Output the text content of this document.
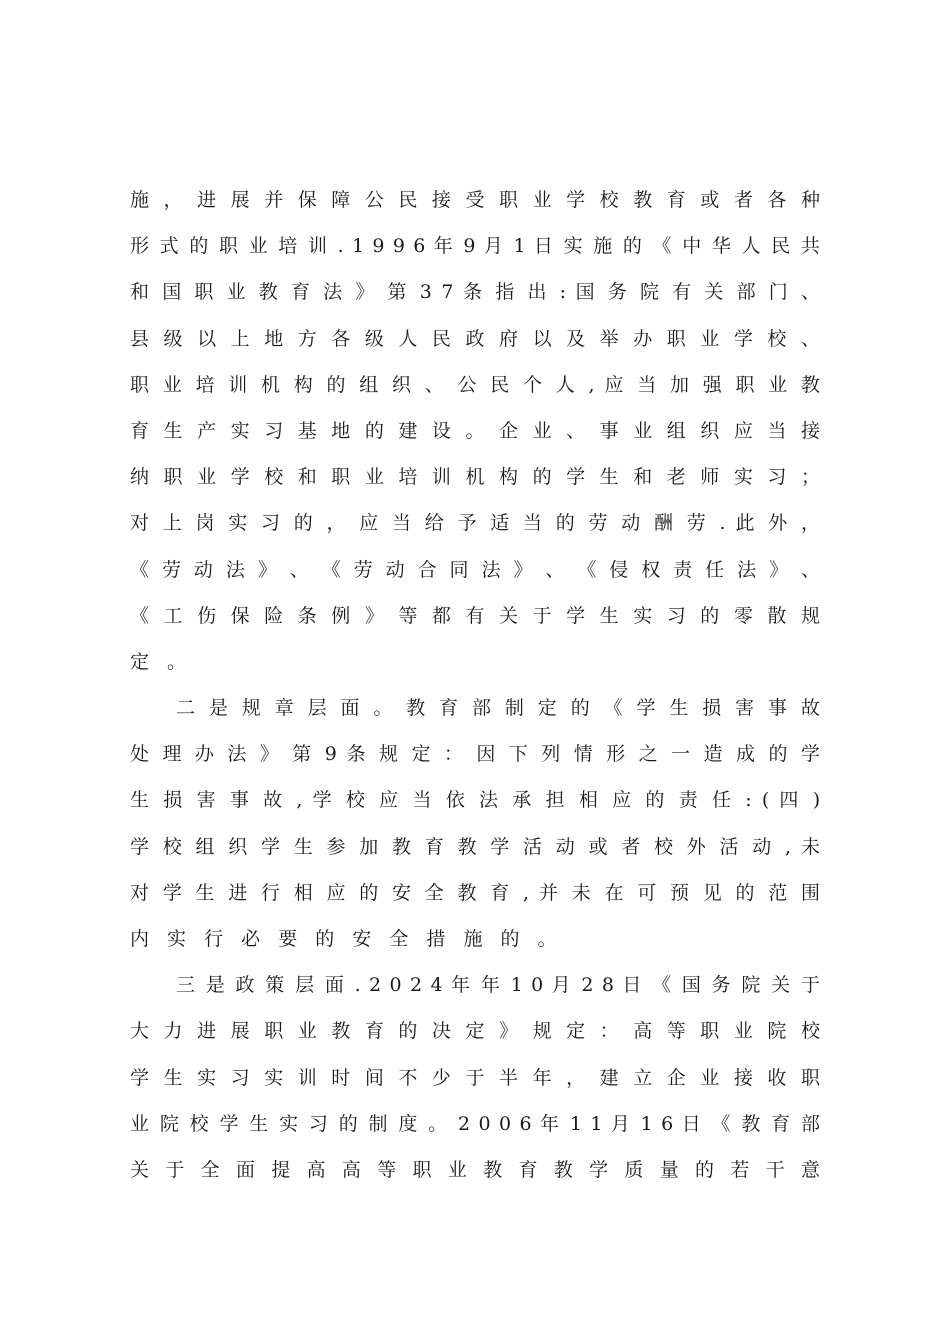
施 ， 进 展 并 保 障 公 民 接 受 职 业 学 校 教 育 或 者 各 种
形 式 的 职 业 培 训 . 1 9 9 6 年 9 月 1 日 实 施 的 《 中 华 人 民 共
和 国 职 业 教 育 法 》 第 3 7 条 指 出 : 国 务 院 有 关 部 门 、
县 级 以 上 地 方 各 级 人 民 政 府 以 及 举 办 职 业 学 校 、
职 业 培 训 机 构 的 组 织 、 公 民 个 人 , 应 当 加 强 职 业 教
育 生 产 实 习 基 地 的 建 设 。 企 业 、 事 业 组 织 应 当 接
纳 职 业 学 校 和 职 业 培 训 机 构 的 学 生 和 老 师 实 习 ；
对 上 岗 实 习 的 ， 应 当 给 予 适 当 的 劳 动 酬 劳 . 此 外 ，
《 劳 动 法 》 、 《 劳 动 合 同 法 》 、 《 侵 权 责 任 法 》 、
《 工 伤 保 险 条 例 》 等 都 有 关 于 学 生 实 习 的 零 散 规
定。
二 是 规 章 层 面 。 教 育 部 制 定 的 《 学 生 损 害 事 故
处 理 办 法 》 第 9 条 规 定 ： 因 下 列 情 形 之 一 造 成 的 学
生 损 害 事 故 , 学 校 应 当 依 法 承 担 相 应 的 责 任 : ( 四 )
学 校 组 织 学 生 参 加 教 育 教 学 活 动 或 者 校 外 活 动 , 未
对 学 生 进 行 相 应 的 安 全 教 育 , 并 未 在 可 预 见 的 范 围
内实行必要的安全措施的。
三 是 政 策 层 面 . 2 0 2 4 年 年 1 0 月 2 8 日 《 国 务 院 关 于
大 力 进 展 职 业 教 育 的 决 定 》 规 定 ： 高 等 职 业 院 校
学 生 实 习 实 训 时 间 不 少 于 半 年 ， 建 立 企 业 接 收 职
业 院 校 学 生 实 习 的 制 度 。 2 0 0 6 年 1 1 月 1 6 日 《 教 育 部
关 于 全 面 提 高 高 等 职 业 教 育 教 学 质 量 的 若 干 意
